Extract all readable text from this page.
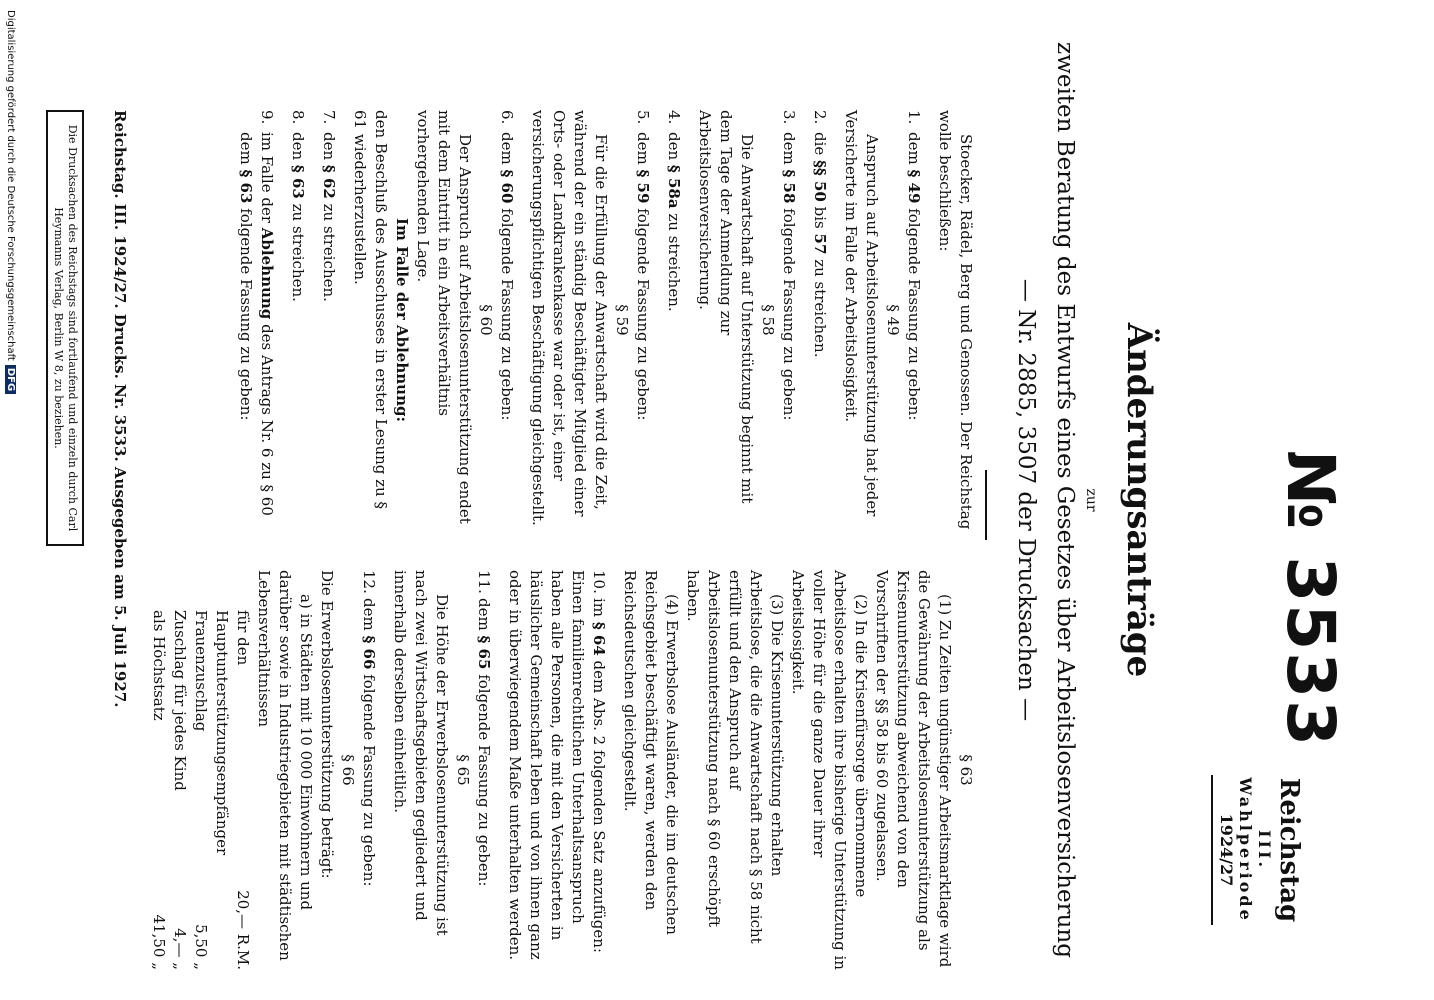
№ 3533
Reichstag
III. Wahlperiode
1924/27
Änderungsanträge
zur
zweiten Beratung des Entwurfs eines Gesetzes über Arbeitslosenversicherung
— Nr. 2885, 3507 der Drucksachen —

Stoecker, Rädel, Berg und Genossen. Der Reichstag wolle beschließen:

1.
dem § 49 folgende Fassung zu geben:

§ 49

Anspruch auf Arbeitslosenunterstützung hat jeder Versicherte im Falle der Arbeitslosigkeit.

2.
die §§ 50 bis 57 zu streichen.
3.
dem § 58 folgende Fassung zu geben:

§ 58

Die Anwartschaft auf Unterstützung beginnt mit dem Tage der Anmeldung zur Arbeitslosenversicherung.

4.
den § 58a zu streichen.
5.
dem § 59 folgende Fassung zu geben:

§ 59

Für die Erfüllung der Anwartschaft wird die Zeit, während der ein ständig Beschäftigter Mitglied einer Orts- oder Landkrankenkasse war oder ist, einer versicherungspflichtigen Beschäftigung gleichgestellt.

6.
dem § 60 folgende Fassung zu geben:

§ 60

Der Anspruch auf Arbeitslosenunterstützung endet mit dem Eintritt in ein Arbeitsverhältnis vorhergehenden Lage.

Im Falle der Ablehnung:

den Beschluß des Ausschusses in erster Lesung zu § 61 wiederherzustellen.

7.
den § 62 zu streichen.
8.
den § 63 zu streichen.
9.
im Falle der Ablehnung des Antrags Nr. 6 zu § 60 dem § 63 folgende Fassung zu geben:

§ 63

(1) Zu Zeiten ungünstiger Arbeitsmarktlage wird die Gewährung der Arbeitslosenunterstützung als Krisenunterstützung abweichend von den Vorschriften der §§ 58 bis 60 zugelassen.

(2) In die Krisenfürsorge übernommene Arbeitslose erhalten ihre bisherige Unterstützung in voller Höhe für die ganze Dauer ihrer Arbeitslosigkeit.

(3) Die Krisenunterstützung erhalten Arbeitslose, die die Anwartschaft nach § 58 nicht erfüllt und den Anspruch auf Arbeitslosenunterstützung nach § 60 erschöpft haben.

(4) Erwerbslose Ausländer, die im deutschen Reichsgebiet beschäftigt waren, werden den Reichsdeutschen gleichgestellt.

10.
im § 64 dem Abs. 2 folgenden Satz anzufügen:

Einen familienrechtlichen Unterhaltsanspruch haben alle Personen, die mit den Versicherten in häuslicher Gemeinschaft leben und von ihnen ganz oder in überwiegendem Maße unterhalten werden.

11.
dem § 65 folgende Fassung zu geben:

§ 65

Die Höhe der Erwerbslosenunterstützung ist nach zwei Wirtschaftsgebieten gegliedert und innerhalb derselben einheitlich.

12.
dem § 66 folgende Fassung zu geben:

§ 66

Die Erwerbslosenunterstützung beträgt:

a) in Städten mit 10 000 Einwohnern und darüber sowie in Industriegebieten mit städtischen Lebensverhältnissen

für den Hauptunterstützungsempfänger
20,— R.M.
Frauenzuschlag
5,50 „
Zuschlag für jedes Kind
4,— „
als Höchstsatz
41,50 „
Reichstag. III. 1924/27. Drucks. Nr. 3533. Ausgegeben am 5. Juli 1927.
Die Drucksachen des Reichstags sind fortlaufend und einzeln durch Carl Heymanns Verlag, Berlin W 8, zu beziehen.
Digitalisierung gefördert durch die Deutsche ForschungsgemeinschaftDFG
